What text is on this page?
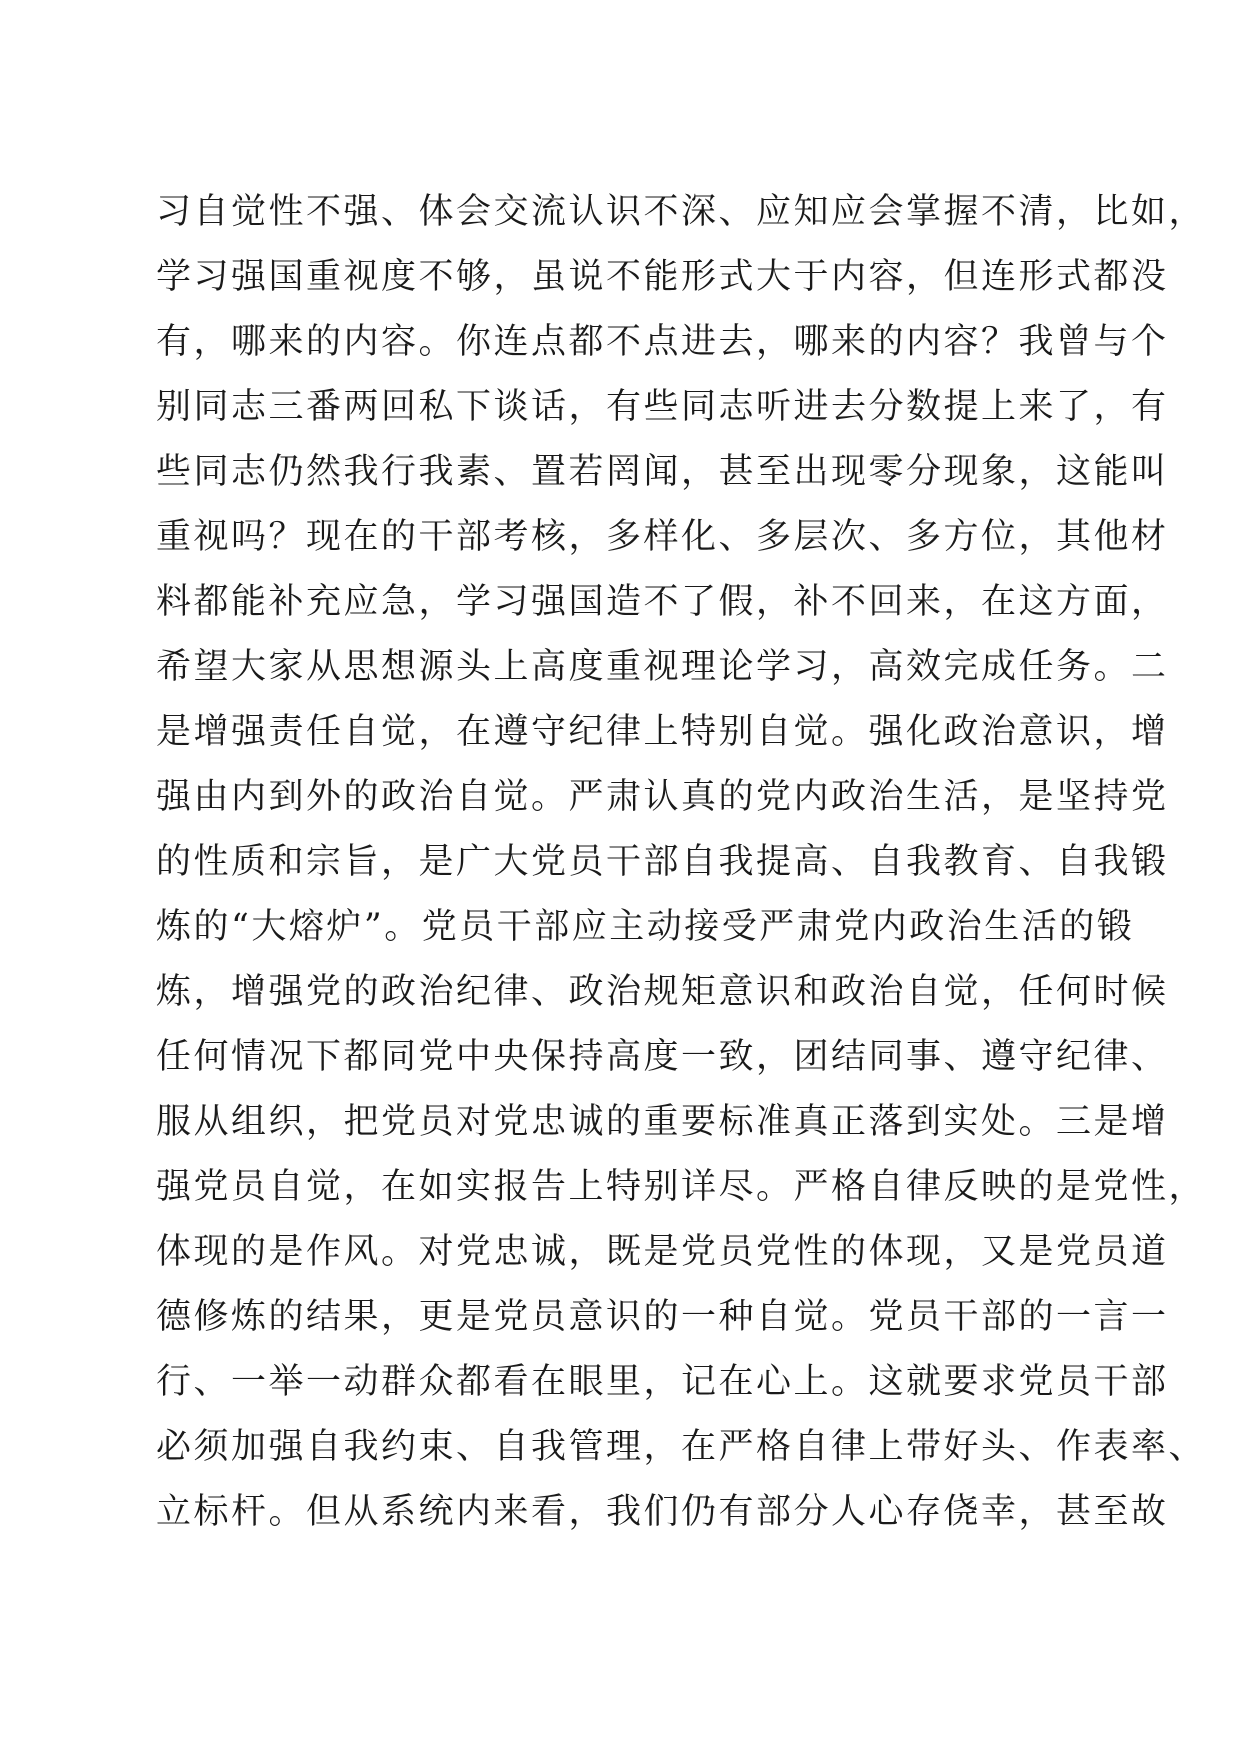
习自觉性不强、体会交流认识不深、应知应会掌握不清，比如，
学习强国重视度不够，虽说不能形式大于内容，但连形式都没
有，哪来的内容。你连点都不点进去，哪来的内容？我曾与个
别同志三番两回私下谈话，有些同志听进去分数提上来了，有
些同志仍然我行我素、置若罔闻，甚至出现零分现象，这能叫
重视吗？现在的干部考核，多样化、多层次、多方位，其他材
料都能补充应急，学习强国造不了假，补不回来，在这方面，
希望大家从思想源头上高度重视理论学习，高效完成任务。二
是增强责任自觉，在遵守纪律上特别自觉。强化政治意识，增
强由内到外的政治自觉。严肃认真的党内政治生活，是坚持党
的性质和宗旨，是广大党员干部自我提高、自我教育、自我锻
炼的“大熔炉”。党员干部应主动接受严肃党内政治生活的锻
炼，增强党的政治纪律、政治规矩意识和政治自觉，任何时候
任何情况下都同党中央保持高度一致，团结同事、遵守纪律、
服从组织，把党员对党忠诚的重要标准真正落到实处。三是增
强党员自觉，在如实报告上特别详尽。严格自律反映的是党性，
体现的是作风。对党忠诚，既是党员党性的体现，又是党员道
德修炼的结果，更是党员意识的一种自觉。党员干部的一言一
行、一举一动群众都看在眼里，记在心上。这就要求党员干部
必须加强自我约束、自我管理，在严格自律上带好头、作表率、
立标杆。但从系统内来看，我们仍有部分人心存侥幸，甚至故
